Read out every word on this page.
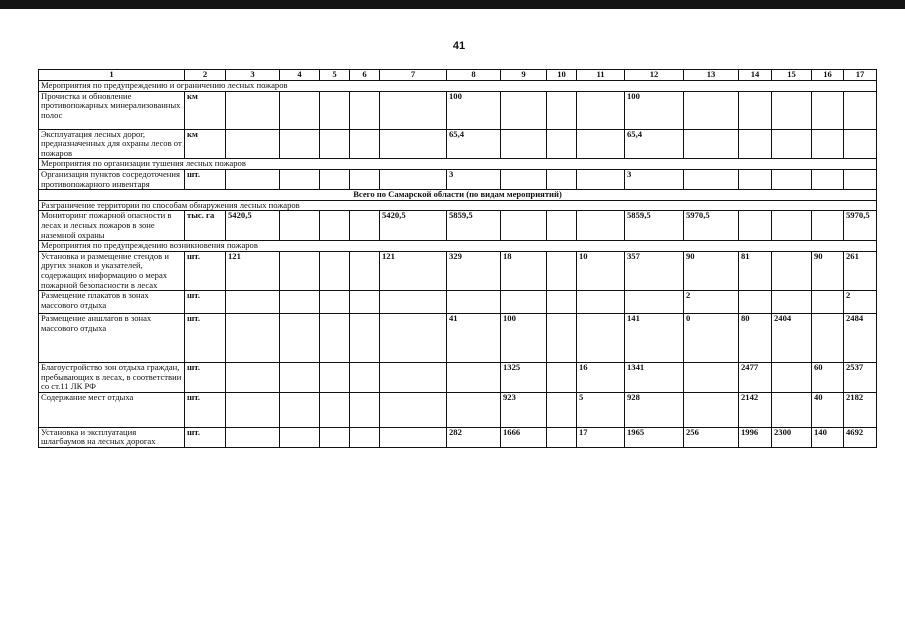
41
1	2	3	4	5	6	7	8	9	10	11	12	13	14	15	16	17
Мероприятия по предупреждению и ограничению лесных пожаров																
Прочистка и обновление противопожарных минерализованных полос	км						100				100					
Эксплуатация лесных дорог, предназначенных для охраны лесов от пожаров	км						65,4				65,4					
Мероприятия по организации тушения лесных пожаров																
Организация пунктов сосредоточения противопожарного инвентаря	шт.						3				3					
Всего по Самарской области (по видам мероприятий)																
Разграничение территории по способам обнаружения лесных пожаров																
Мониторинг пожарной опасности в лесах и лесных пожаров в зоне наземной охраны	тыс. га	5420,5				5420,5	5859,5				5859,5	5970,5				5970,5
Мероприятия по предупреждению возникновения пожаров																
Установка и размещение стендов и других знаков и указателей, содержащих информацию о мерах пожарной безопасности в лесах	шт.	121				121	329	18		10	357	90	81		90	261
Размещение плакатов в зонах массового отдыха	шт.											2				2
Размещение аншлагов в зонах массового отдыха	шт.						41	100			141	0	80	2404		2484
Благоустройство зон отдыха граждан, пребывающих в лесах, в соответствии со ст.11 ЛК РФ	шт.							1325		16	1341		2477		60	2537
Содержание мест отдыха	шт.							923		5	928		2142		40	2182
Установка и эксплуатация шлагбаумов на лесных дорогах	шт.						282	1666		17	1965	256	1996	2300	140	4692
